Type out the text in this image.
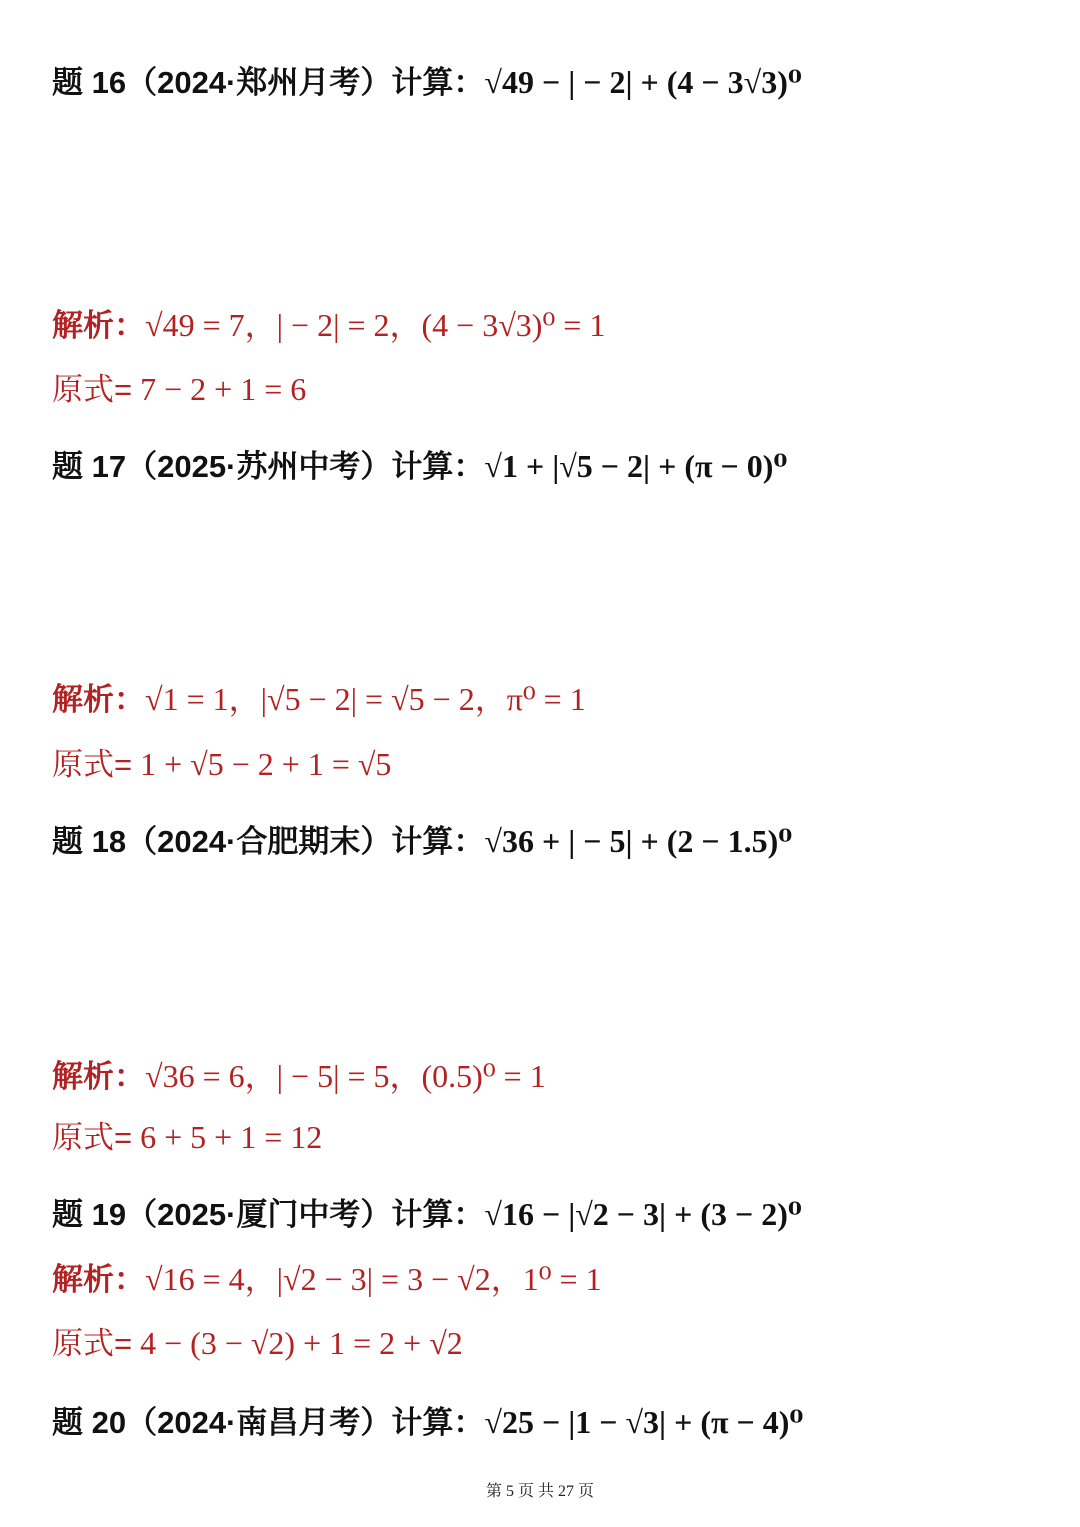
题 16（2024·郑州月考）计算：√49 − | − 2| + (4 − 3√3)⁰
解析：√49 = 7，| − 2| = 2，(4 − 3√3)⁰ = 1
原式= 7 − 2 + 1 = 6
题 17（2025·苏州中考）计算：√1 + |√5 − 2| + (π − 0)⁰
解析：√1 = 1，|√5 − 2| = √5 − 2，π⁰ = 1
原式= 1 + √5 − 2 + 1 = √5
题 18（2024·合肥期末）计算：√36 + | − 5| + (2 − 1.5)⁰
解析：√36 = 6，| − 5| = 5，(0.5)⁰ = 1
原式= 6 + 5 + 1 = 12
题 19（2025·厦门中考）计算：√16 − |√2 − 3| + (3 − 2)⁰
解析：√16 = 4，|√2 − 3| = 3 − √2，1⁰ = 1
原式= 4 − (3 − √2) + 1 = 2 + √2
题 20（2024·南昌月考）计算：√25 − |1 − √3| + (π − 4)⁰
第 5 页 共 27 页
